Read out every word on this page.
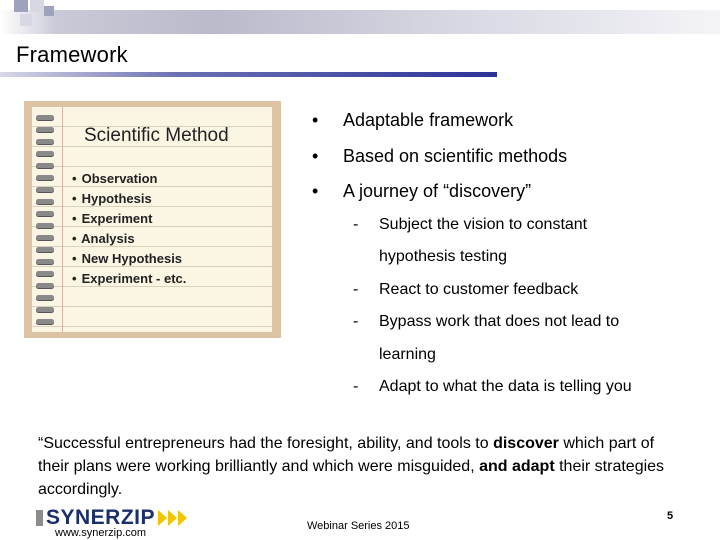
Framework
Scientific Method
• Observation
• Hypothesis
• Experiment
• Analysis
• New Hypothesis
• Experiment - etc.
• Adaptable framework
• Based on scientific methods
• A journey of “discovery”
- Subject the vision to constant
hypothesis testing
- React to customer feedback
- Bypass work that does not lead to
learning
- Adapt to what the data is telling you
“Successful entrepreneurs had the foresight, ability, and tools to discover which part of their plans were working brilliantly and which were misguided, and adapt their strategies accordingly.
SYNERZIP
www.synerzip.com
Webinar Series 2015
5
